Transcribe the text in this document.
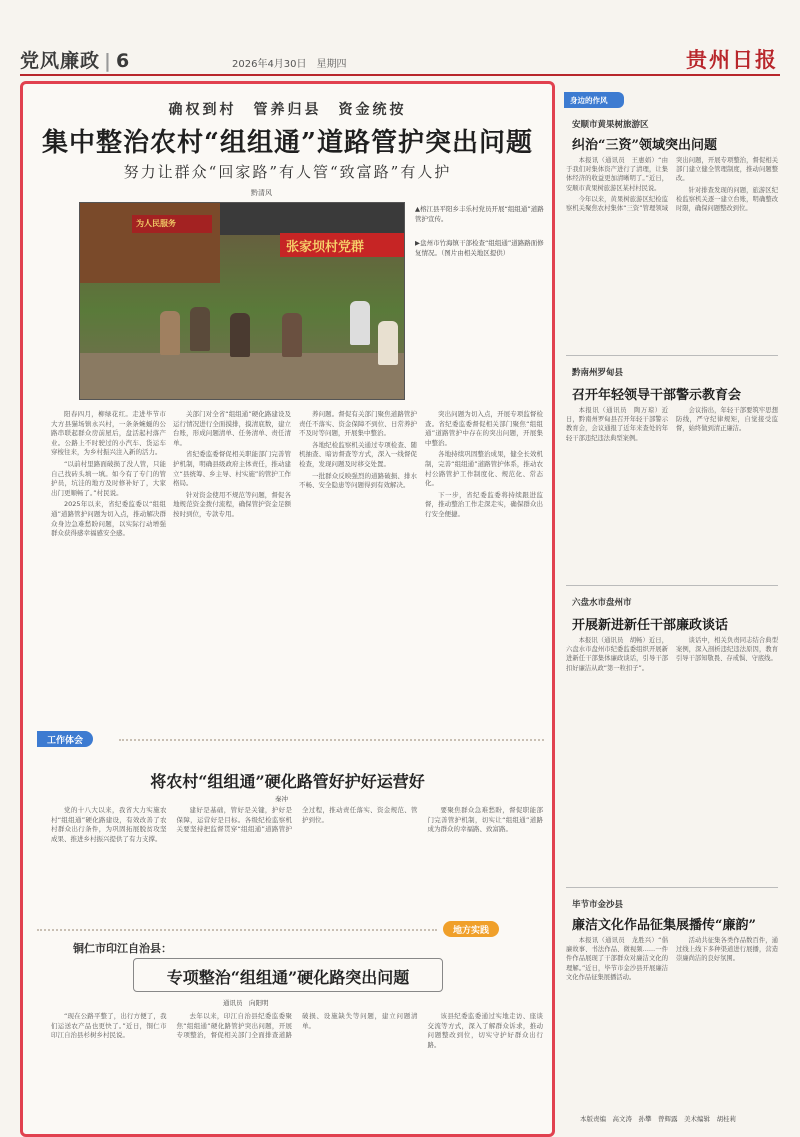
党风廉政 | 6	2026年4月30日　星期四	贵州日报
确权到村　管养归县　资金统按
集中整治农村“组组通”道路管护突出问题
努力让群众“回家路”有人管“致富路”有人护
黔清风
为人民服务
张家坝村党群
▲榕江县平阳乡丰乐村党员开展“组组通”道路管护宣传。
▶盘州市竹海镇干部检查“组组通”道路路面修复情况。（图片由相关地区提供）

阳春四月，柳绿花红。走进毕节市大方县猫场镇永兴村，一条条蜿蜒的公路串联起群众房前屋后，盘活起村落产业。公路上不时驶过的小汽车、货运车穿梭往来，为乡村振兴注入新的活力。

“以前村里路面破损了没人管，只能自己找砖头填一填。如今有了专门的管护员，坑洼的地方及时修补好了，大家出门更顺畅了。”村民说。

2025年以来，省纪委监委以“组组通”道路管护问题为切入点，推动解决群众身边急难愁盼问题，以实际行动增强群众获得感幸福感安全感。

关部门对全省“组组通”硬化路建设及运行情况进行全面摸排，摸清底数，建立台账，形成问题清单、任务清单、责任清单。

省纪委监委督促相关职能部门完善管护机制，明确县级政府主体责任，推动建立“县统筹、乡主导、村实施”的管护工作格局。

针对资金使用不规范等问题，督促各地规范资金拨付流程，确保管护资金足额按时到位，专款专用。

养问题。督促有关部门聚焦道路管护责任不落实、资金保障不到位、日常养护不及时等问题，开展集中整治。

各地纪检监察机关通过专项检查、随机抽查、暗访督查等方式，深入一线督促检查，发现问题及时移交处置。

一批群众反映强烈的道路破损、排水不畅、安全隐患等问题得到有效解决。

突出问题为切入点，开展专项监督检查。省纪委监委督促相关部门聚焦“组组通”道路管护中存在的突出问题，开展集中整治。

各地持续巩固整治成果，健全长效机制，完善“组组通”道路管护体系，推动农村公路管护工作制度化、规范化、常态化。

下一步，省纪委监委将持续跟进监督，推动整治工作走深走实，确保群众出行安全便捷。

工作体会
将农村“组组通”硬化路管好护好运营好
秦冲

党的十八大以来，我省大力实施农村“组组通”硬化路建设，有效改善了农村群众出行条件，为巩固拓展脱贫攻坚成果、推进乡村振兴提供了有力支撑。

建好是基础，管好是关键，护好是保障，运营好是目标。各级纪检监察机关要坚持把监督贯穿“组组通”道路管护全过程，推动责任落实、资金规范、管护到位。

要聚焦群众急难愁盼，督促职能部门完善管护机制，切实让“组组通”道路成为群众的幸福路、致富路。

地方实践
铜仁市印江自治县：
专项整治“组组通”硬化路突出问题
通讯员　向阳明

“现在公路平整了，出行方便了，我们运送农产品也更快了。”近日，铜仁市印江自治县杉树乡村民说。

去年以来，印江自治县纪委监委聚焦“组组通”硬化路管护突出问题，开展专项整治，督促相关部门全面排查道路破损、设施缺失等问题，建立问题清单。

该县纪委监委通过实地走访、座谈交流等方式，深入了解群众诉求，推动问题整改到位，切实守护好群众出行路。

身边的作风
安顺市黄果树旅游区
纠治“三资”领域突出问题

本报讯（通讯员　王惠娟）“由于我们对集体资产进行了清理，让集体经济的收益更加清晰明了。”近日，安顺市黄果树旅游区某村村民说。

今年以来，黄果树旅游区纪检监察机关聚焦农村集体“三资”管理领域突出问题，开展专项整治，督促相关部门建立健全管理制度，推动问题整改。

针对排查发现的问题，旅游区纪检监察机关逐一建立台账，明确整改时限，确保问题整改到位。

黔南州罗甸县
召开年轻领导干部警示教育会

本报讯（通讯员　陶万琼）近日，黔南州罗甸县召开年轻干部警示教育会，会议通报了近年来查处的年轻干部违纪违法典型案例。

会议指出，年轻干部要筑牢思想防线，严守纪律规矩，自觉接受监督，始终做到清正廉洁。

六盘水市盘州市
开展新进新任干部廉政谈话

本报讯（通讯员　胡畅）近日，六盘水市盘州市纪委监委组织开展新进新任干部集体廉政谈话，引导干部扣好廉洁从政“第一粒扣子”。

谈话中，相关负责同志结合典型案例，深入剖析违纪违法原因，教育引导干部知敬畏、存戒惧、守底线。

毕节市金沙县
廉洁文化作品征集展播传“廉韵”

本报讯（通讯员　龙胜兴）“倡廉故事、书法作品、微视频……一件件作品展现了干部群众对廉洁文化的理解。”近日，毕节市金沙县开展廉洁文化作品征集展播活动。

活动共征集各类作品数百件，通过线上线下多种渠道进行展播，营造崇廉尚洁的良好氛围。

本版责编　高文涛　孙攀　曾辉露　美术编辑　胡桂莉
